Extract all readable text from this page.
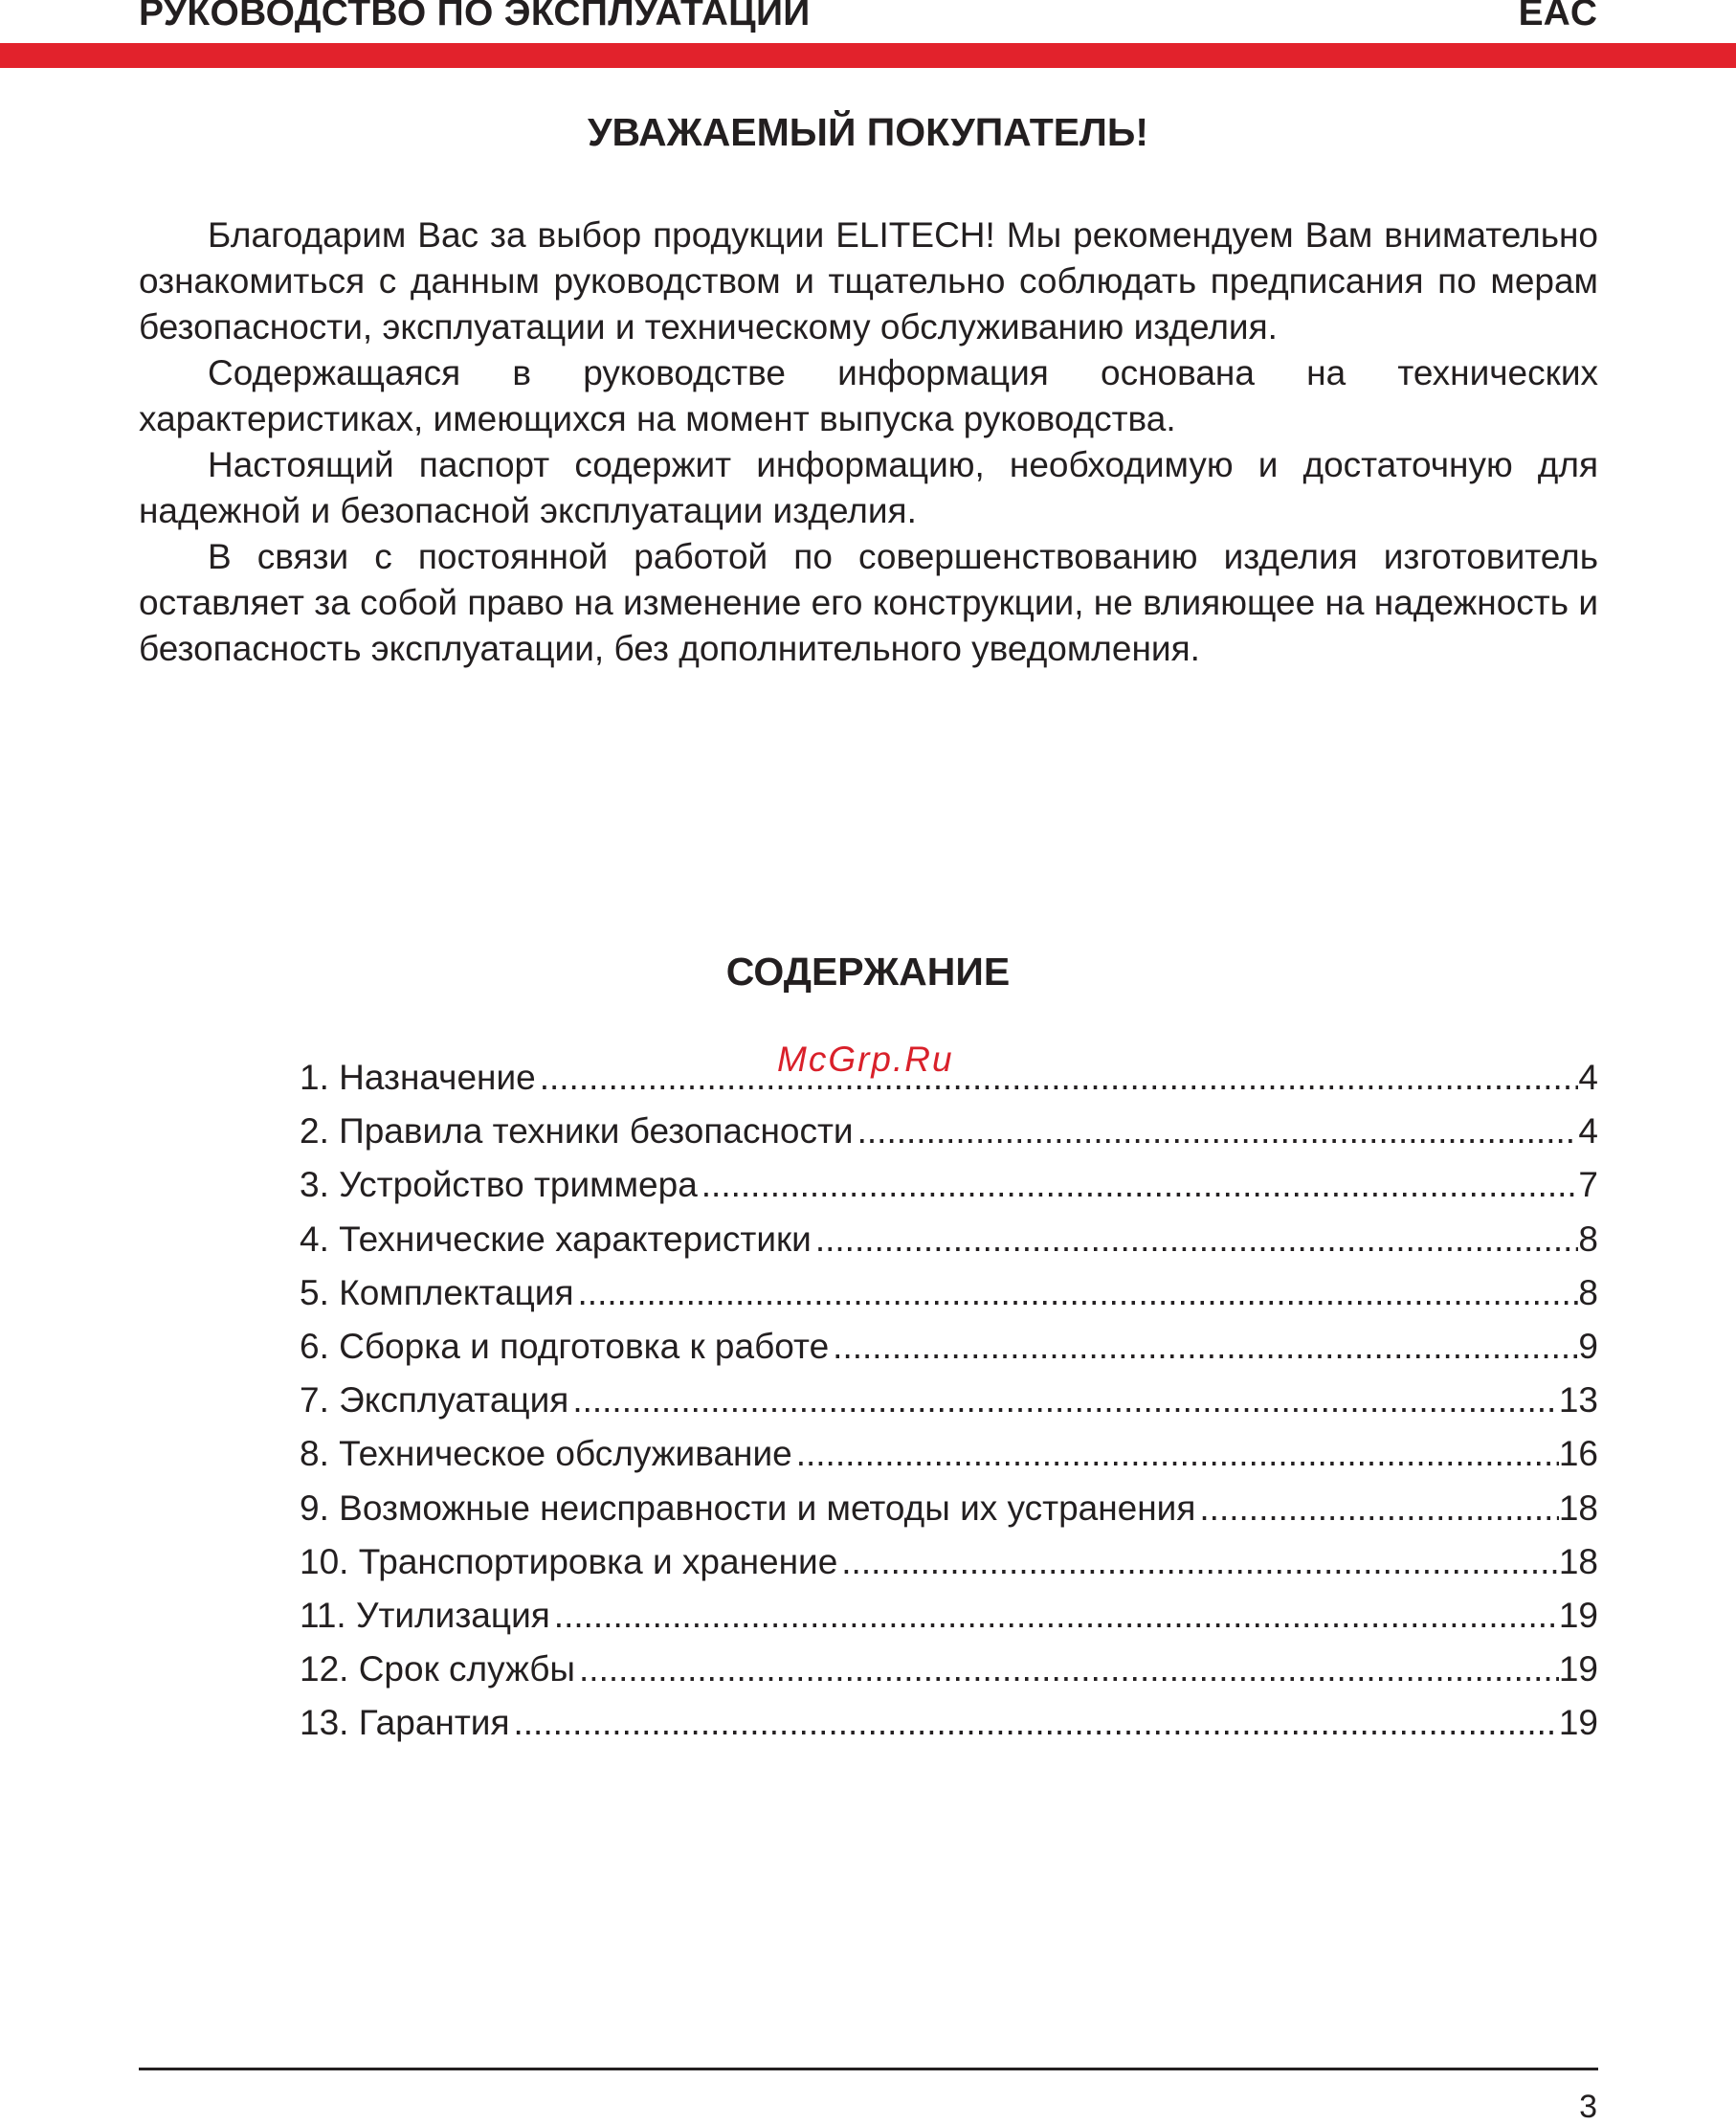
РУКОВОДСТВО ПО ЭКСПЛУАТАЦИИ	EAC
УВАЖАЕМЫЙ ПОКУПАТЕЛЬ!

Благодарим Вас за выбор продукции ELITECH! Мы рекомендуем Вам внимательно ознакомиться с данным руководством и тщательно соблюдать предписания по мерам безопасности, эксплуатации и техническому обслуживанию изделия.

Содержащаяся в руководстве информация основана на технических характеристиках, имеющихся на момент выпуска руководства.

Настоящий паспорт содержит информацию, необходимую и достаточную для надежной и безопасной эксплуатации изделия.

В связи с постоянной работой по совершенствованию изделия изготовитель оставляет за собой право на изменение его конструкции, не влияющее на надежность и безопасность эксплуатации, без дополнительного уведомления.

СОДЕРЖАНИЕ
McGrp.Ru
1. Назначение .....	4
2. Правила техники безопасности .....	4
3. Устройство триммера .....	7
4. Технические характеристики .....	8
5. Комплектация .....	8
6. Сборка и подготовка к работе .....	9
7. Эксплуатация .....	13
8. Техническое обслуживание .....	16
9. Возможные неисправности и методы их устранения .....	18
10. Транспортировка и хранение .....	18
11. Утилизация .....	19
12. Срок службы .....	19
13. Гарантия .....	19
3
